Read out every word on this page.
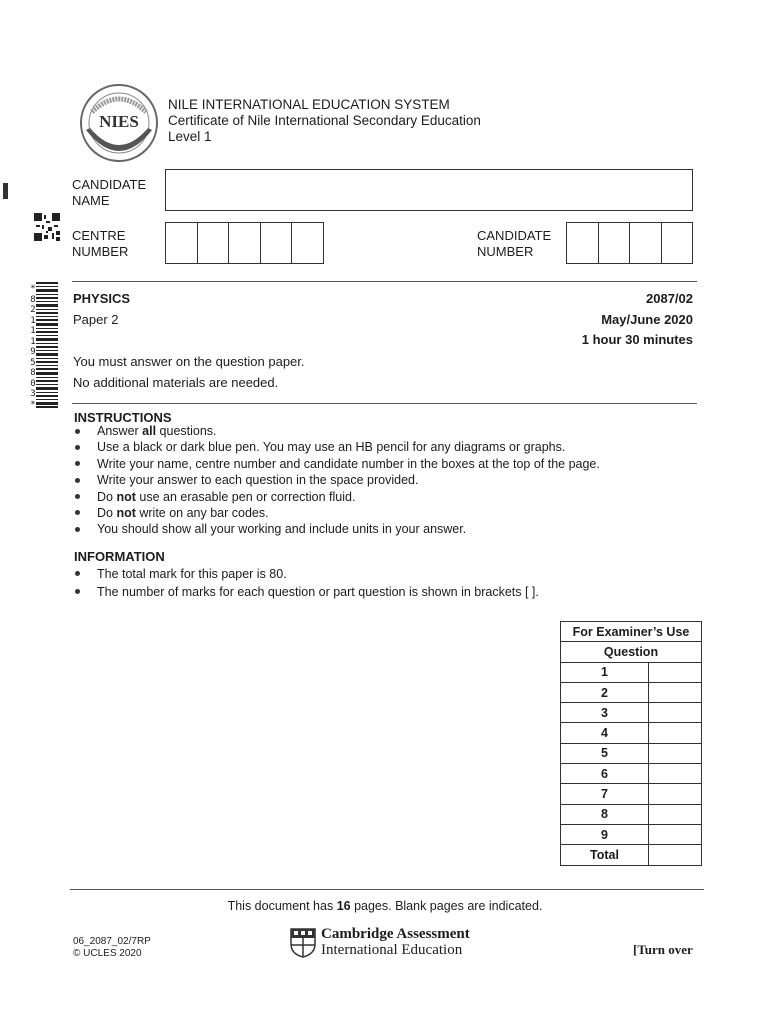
*
8
2
1
1
1
9
5
8
0
3
*
NIES
NILE INTERNATIONAL EDUCATION SYSTEM
Certificate of Nile International Secondary Education
Level 1
CANDIDATE
NAME
CENTRE
NUMBER
CANDIDATE
NUMBER
PHYSICS
Paper 2
2087/02
May/June 2020
1 hour 30 minutes
You must answer on the question paper.
No additional materials are needed.
INSTRUCTIONS
Answer all questions.
Use a black or dark blue pen. You may use an HB pencil for any diagrams or graphs.
Write your name, centre number and candidate number in the boxes at the top of the page.
Write your answer to each question in the space provided.
Do not use an erasable pen or correction fluid.
Do not write on any bar codes.
You should show all your working and include units in your answer.
INFORMATION
The total mark for this paper is 80.
The number of marks for each question or part question is shown in brackets [ ].
For Examiner’s Use	
Question	
1	
2	
3	
4	
5	
6	
7	
8	
9	
Total	
This document has 16 pages. Blank pages are indicated.
06_2087_02/7RP
© UCLES 2020
Cambridge Assessment
International Education	[Turn over
